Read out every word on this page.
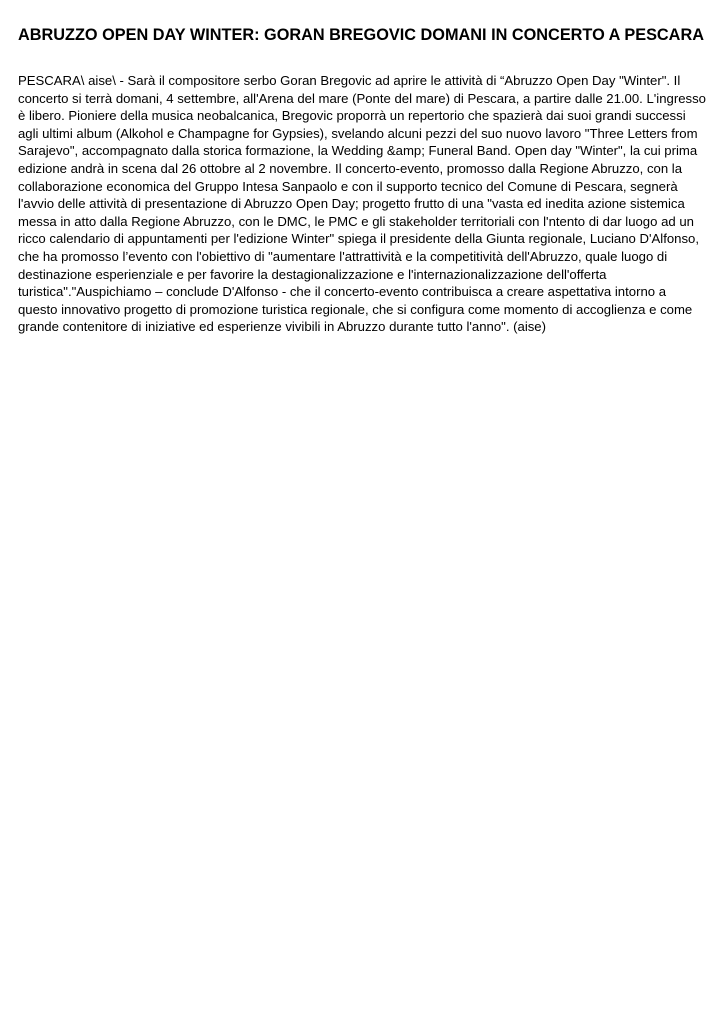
ABRUZZO OPEN DAY WINTER: GORAN BREGOVIC DOMANI IN CONCERTO A PESCARA

PESCARA\ aise\ - Sarà il compositore serbo Goran Bregovic ad aprire le attività di “Abruzzo Open Day "Winter". Il concerto si terrà domani, 4 settembre, all'Arena del mare (Ponte del mare) di Pescara, a partire dalle 21.00. L'ingresso è libero. Pioniere della musica neobalcanica, Bregovic proporrà un repertorio che spazierà dai suoi grandi successi agli ultimi album (Alkohol e Champagne for Gypsies), svelando alcuni pezzi del suo nuovo lavoro "Three Letters from Sarajevo", accompagnato dalla storica formazione, la Wedding &amp; Funeral Band. Open day "Winter", la cui prima edizione andrà in scena dal 26 ottobre al 2 novembre. Il concerto-evento, promosso dalla Regione Abruzzo, con la collaborazione economica del Gruppo Intesa Sanpaolo e con il supporto tecnico del Comune di Pescara, segnerà l'avvio delle attività di presentazione di Abruzzo Open Day; progetto frutto di una "vasta ed inedita azione sistemica messa in atto dalla Regione Abruzzo, con le DMC, le PMC e gli stakeholder territoriali con l'ntento di dar luogo ad un ricco calendario di appuntamenti per l'edizione Winter" spiega il presidente della Giunta regionale, Luciano D'Alfonso, che ha promosso l’evento con l'obiettivo di "aumentare l'attrattività e la competitività dell'Abruzzo, quale luogo di destinazione esperienziale e per favorire la destagionalizzazione e l'internazionalizzazione dell'offerta turistica"."Auspichiamo – conclude D'Alfonso - che il concerto-evento contribuisca a creare aspettativa intorno a questo innovativo progetto di promozione turistica regionale, che si configura come momento di accoglienza e come grande contenitore di iniziative ed esperienze vivibili in Abruzzo durante tutto l'anno". (aise)
